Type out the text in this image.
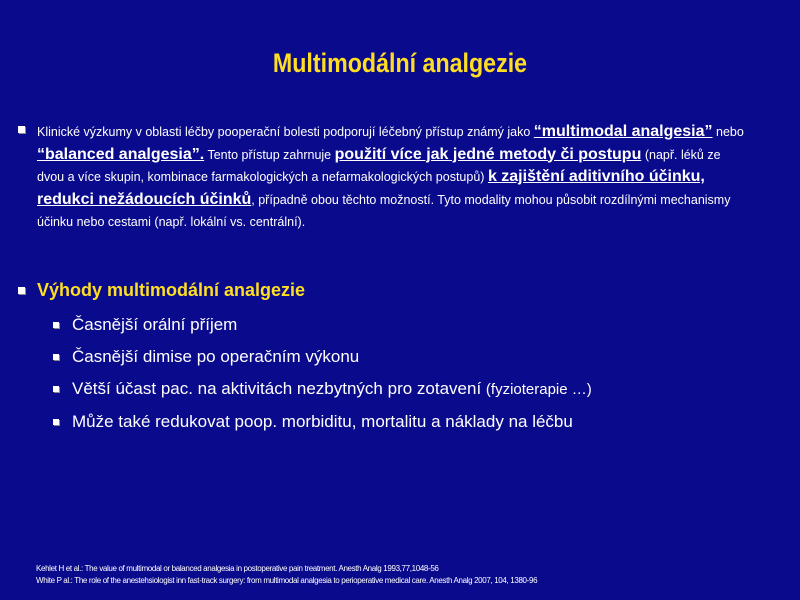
Multimodální analgezie
Klinické výzkumy v oblasti léčby pooperační bolesti podporují léčebný přístup známý jako “multimodal analgesia” nebo “balanced analgesia”. Tento přístup zahrnuje použití více jak jedné metody či postupu (např. léků ze dvou a více skupin, kombinace farmakologických a nefarmakologických postupů) k zajištění aditivního účinku, redukci nežádoucích účinků, případně obou těchto možností. Tyto modality mohou působit rozdílnými mechanismy účinku nebo cestami (např. lokální vs. centrální).
Výhody multimodální analgezie
Časnější orální příjem
Časnější dimise po operačním výkonu
Větší účast pac. na aktivitách nezbytných pro zotavení (fyzioterapie …)
Může také redukovat poop. morbiditu, mortalitu a náklady na léčbu
Kehlet H et al.: The value of multimodal or balanced analgesia in postoperative pain treatment. Anesth Analg 1993,77,1048-56
White P al.: The role of the anestehsiologist inn fast-track surgery: from multimodal analgesia to perioperative medical care. Anesth Analg 2007, 104, 1380-96
